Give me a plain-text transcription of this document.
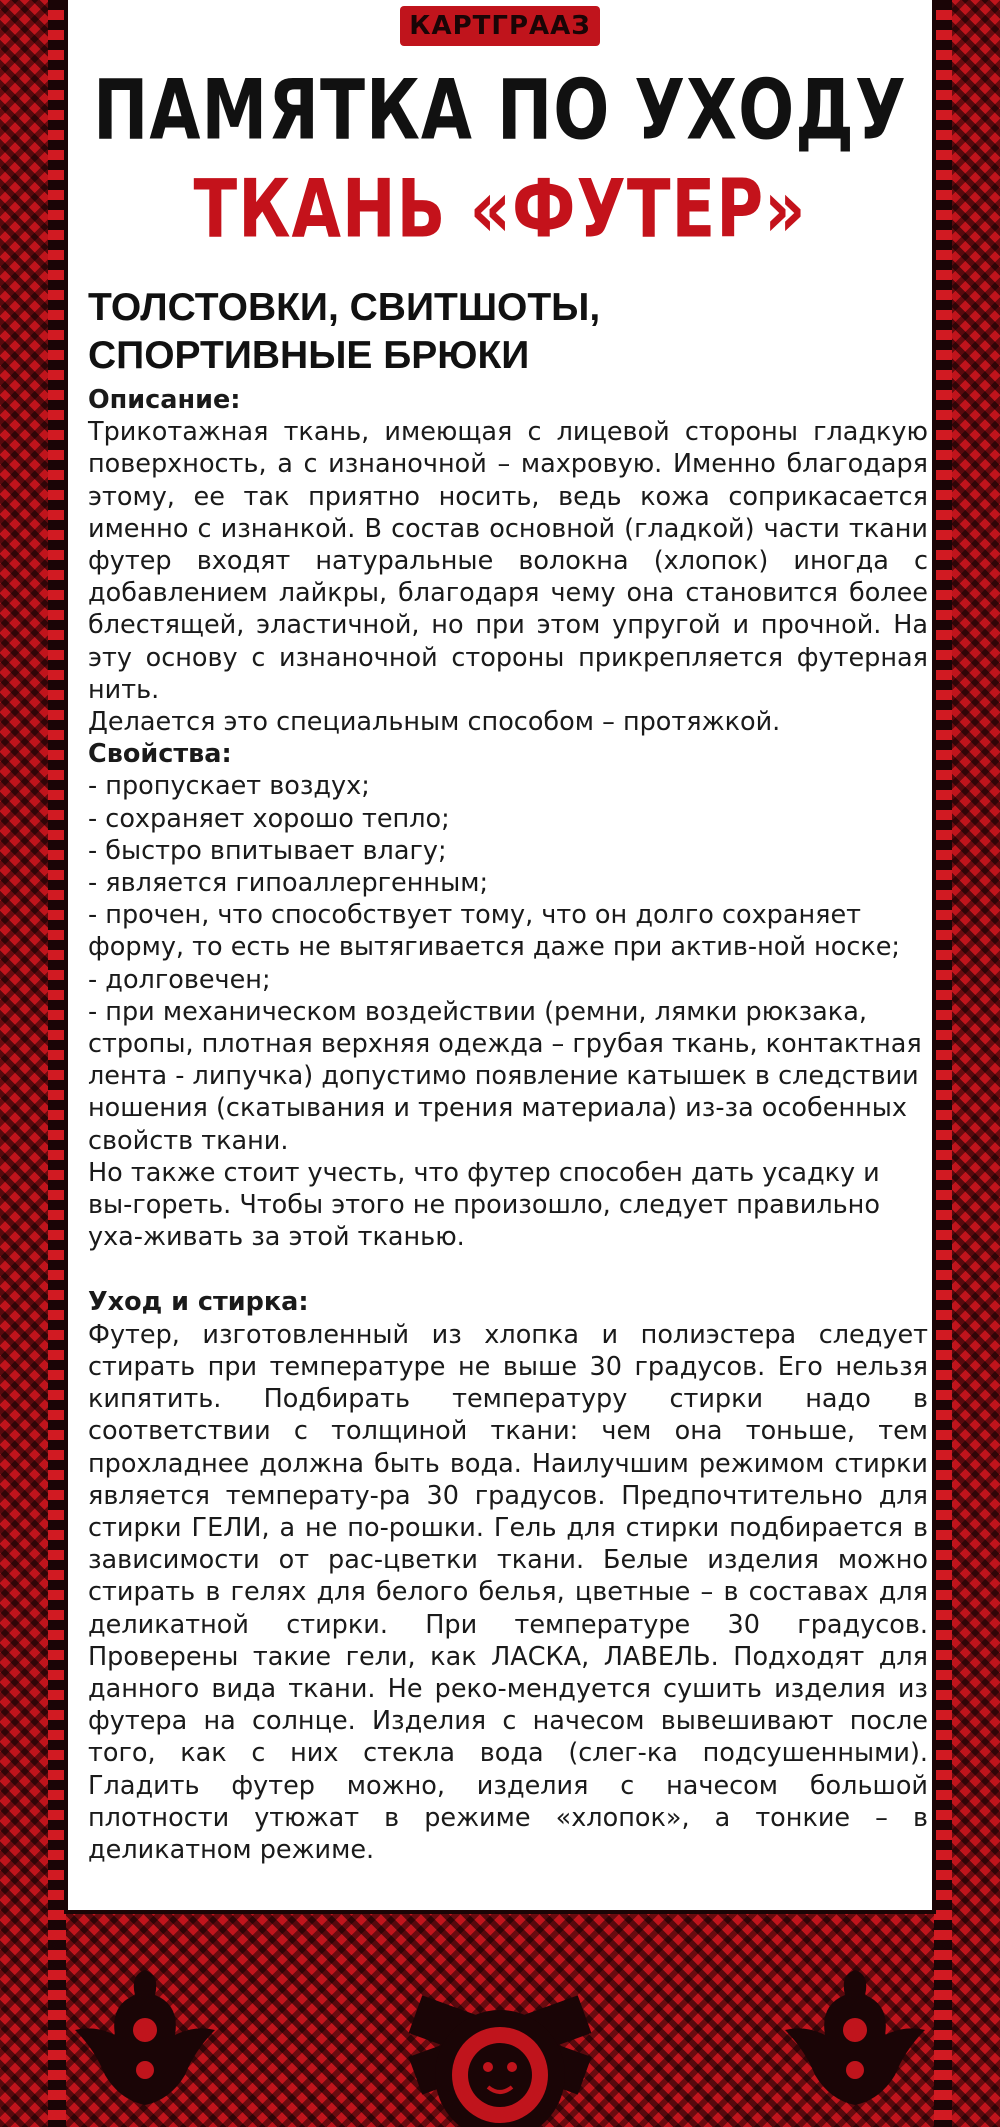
КАРТГРААЗ
ПАМЯТКА ПО УХОДУ
ТКАНЬ «ФУТЕР»
ТОЛСТОВКИ, СВИТШОТЫ,
СПОРТИВНЫЕ БРЮКИ

Описание:

Трикотажная ткань, имеющая с лицевой стороны гладкую поверхность, а с изнаночной – махровую. Именно благодаря этому, ее так приятно носить, ведь кожа соприкасается именно с изнанкой. В состав основной (гладкой) части ткани футер входят натуральные волокна (хлопок) иногда с добавлением лайкры, благодаря чему она становится более блестящей, эластичной, но при этом упругой и прочной. На эту основу с изнаночной стороны прикрепляется футерная нить.

Делается это специальным способом – протяжкой.

Свойства:

- пропускает воздух;

- сохраняет хорошо тепло;

- быстро впитывает влагу;

- является гипоаллергенным;

- прочен, что способствует тому, что он долго сохраняет форму, то есть не вытягивается даже при актив-ной носке;

- долговечен;

- при механическом воздействии (ремни, лямки рюкзака, стропы, плотная верхняя одежда – грубая ткань, контактная лента - липучка) допустимо появление катышек в следствии ношения (скатывания и трения материала) из-за особенных свойств ткани.

Но также стоит учесть, что футер способен дать усадку и вы-гореть. Чтобы этого не произошло, следует правильно уха-живать за этой тканью.

Уход и стирка:

Футер, изготовленный из хлопка и полиэстера следует стирать при температуре не выше 30 градусов. Его нельзя кипятить. Подбирать температуру стирки надо в соответствии с толщиной ткани: чем она тоньше, тем прохладнее должна быть вода. Наилучшим режимом стирки является температу-ра 30 градусов. Предпочтительно для стирки ГЕЛИ, а не по-рошки. Гель для стирки подбирается в зависимости от рас-цветки ткани. Белые изделия можно стирать в гелях для белого белья, цветные – в составах для деликатной стирки. При температуре 30 градусов. Проверены такие гели, как ЛАСКА, ЛАВЕЛЬ. Подходят для данного вида ткани. Не реко-мендуется сушить изделия из футера на солнце. Изделия с начесом вывешивают после того, как с них стекла вода (слег-ка подсушенными). Гладить футер можно, изделия с начесом большой плотности утюжат в режиме «хлопок», а тонкие – в деликатном режиме.
